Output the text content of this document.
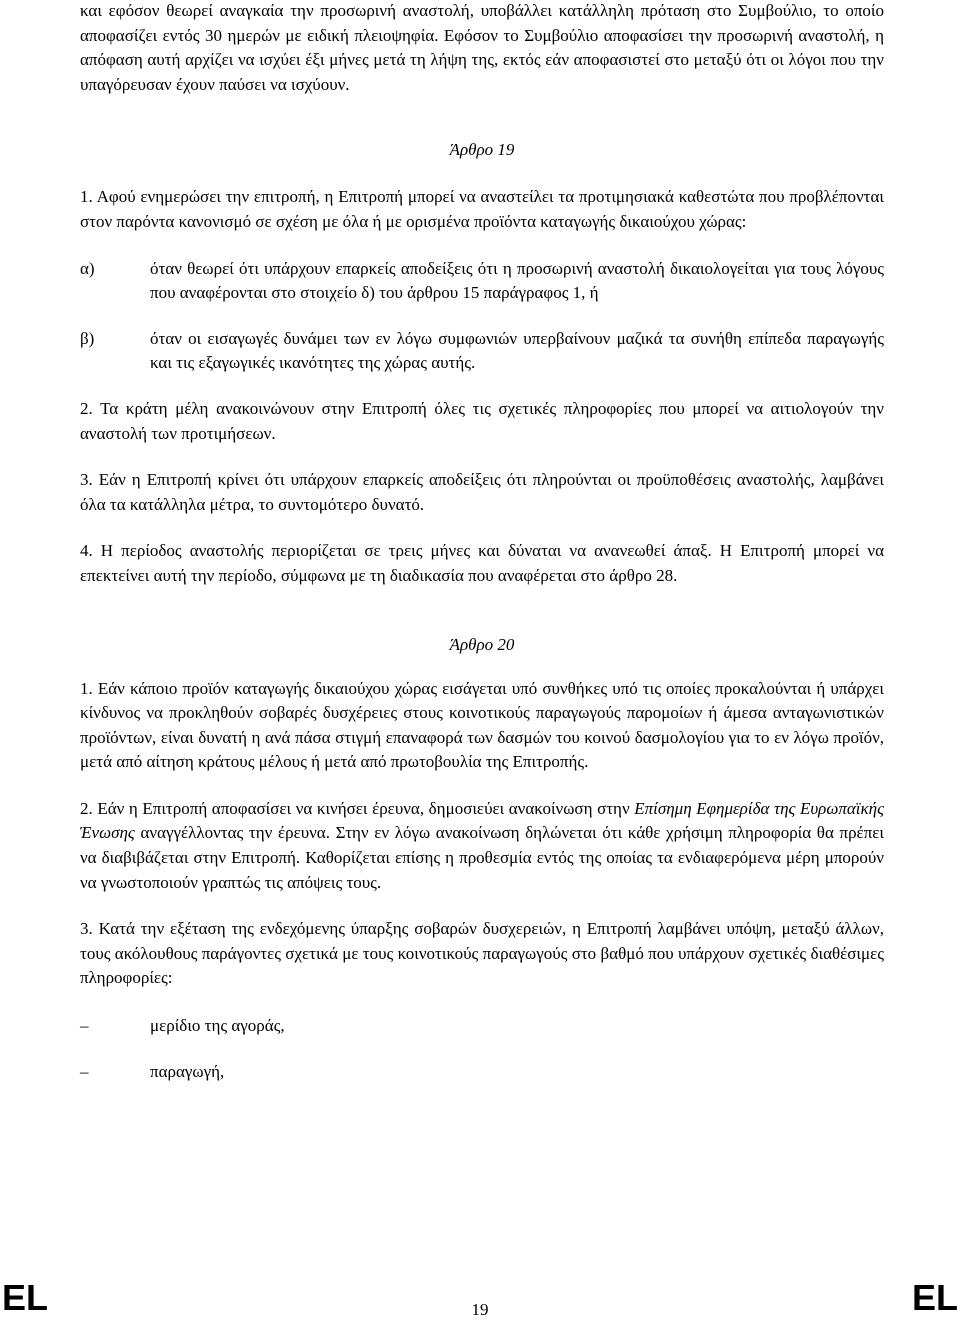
και εφόσον θεωρεί αναγκαία την προσωρινή αναστολή, υποβάλλει κατάλληλη πρόταση στο Συμβούλιο, το οποίο αποφασίζει εντός 30 ημερών με ειδική πλειοψηφία. Εφόσον το Συμβούλιο αποφασίσει την προσωρινή αναστολή, η απόφαση αυτή αρχίζει να ισχύει έξι μήνες μετά τη λήψη της, εκτός εάν αποφασιστεί στο μεταξύ ότι οι λόγοι που την υπαγόρευσαν έχουν παύσει να ισχύουν.

Άρθρο 19

1. Αφού ενημερώσει την επιτροπή, η Επιτροπή μπορεί να αναστείλει τα προτιμησιακά καθεστώτα που προβλέπονται στον παρόντα κανονισμό σε σχέση με όλα ή με ορισμένα προϊόντα καταγωγής δικαιούχου χώρας:

α)	όταν θεωρεί ότι υπάρχουν επαρκείς αποδείξεις ότι η προσωρινή αναστολή δικαιολογείται για τους λόγους που αναφέρονται στο στοιχείο δ) του άρθρου 15 παράγραφος 1, ή
β)	όταν οι εισαγωγές δυνάμει των εν λόγω συμφωνιών υπερβαίνουν μαζικά τα συνήθη επίπεδα παραγωγής και τις εξαγωγικές ικανότητες της χώρας αυτής.

2. Τα κράτη μέλη ανακοινώνουν στην Επιτροπή όλες τις σχετικές πληροφορίες που μπορεί να αιτιολογούν την αναστολή των προτιμήσεων.

3. Εάν η Επιτροπή κρίνει ότι υπάρχουν επαρκείς αποδείξεις ότι πληρούνται οι προϋποθέσεις αναστολής, λαμβάνει όλα τα κατάλληλα μέτρα, το συντομότερο δυνατό.

4. Η περίοδος αναστολής περιορίζεται σε τρεις μήνες και δύναται να ανανεωθεί άπαξ. Η Επιτροπή μπορεί να επεκτείνει αυτή την περίοδο, σύμφωνα με τη διαδικασία που αναφέρεται στο άρθρο 28.

Άρθρο 20

1. Εάν κάποιο προϊόν καταγωγής δικαιούχου χώρας εισάγεται υπό συνθήκες υπό τις οποίες προκαλούνται ή υπάρχει κίνδυνος να προκληθούν σοβαρές δυσχέρειες στους κοινοτικούς παραγωγούς παρομοίων ή άμεσα ανταγωνιστικών προϊόντων, είναι δυνατή η ανά πάσα στιγμή επαναφορά των δασμών του κοινού δασμολογίου για το εν λόγω προϊόν, μετά από αίτηση κράτους μέλους ή μετά από πρωτοβουλία της Επιτροπής.

2. Εάν η Επιτροπή αποφασίσει να κινήσει έρευνα, δημοσιεύει ανακοίνωση στην Επίσημη Εφημερίδα της Ευρωπαϊκής Ένωσης αναγγέλλοντας την έρευνα. Στην εν λόγω ανακοίνωση δηλώνεται ότι κάθε χρήσιμη πληροφορία θα πρέπει να διαβιβάζεται στην Επιτροπή. Καθορίζεται επίσης η προθεσμία εντός της οποίας τα ενδιαφερόμενα μέρη μπορούν να γνωστοποιούν γραπτώς τις απόψεις τους.

3. Κατά την εξέταση της ενδεχόμενης ύπαρξης σοβαρών δυσχερειών, η Επιτροπή λαμβάνει υπόψη, μεταξύ άλλων, τους ακόλουθους παράγοντες σχετικά με τους κοινοτικούς παραγωγούς στο βαθμό που υπάρχουν σχετικές διαθέσιμες πληροφορίες:

–	μερίδιο της αγοράς,
–	παραγωγή,
EL	19	EL
